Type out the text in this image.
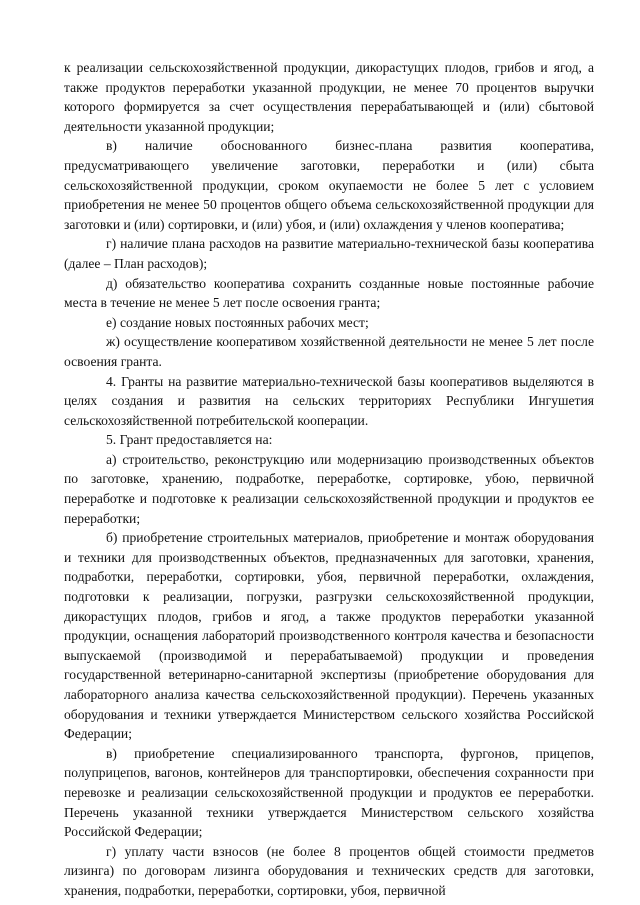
к реализации сельскохозяйственной продукции, дикорастущих плодов, грибов и ягод, а также продуктов переработки указанной продукции, не менее 70 процентов выручки которого формируется за счет осуществления перерабатывающей и (или) сбытовой деятельности указанной продукции;

в) наличие обоснованного бизнес-плана развития кооператива, предусматривающего увеличение заготовки, переработки и (или) сбыта сельскохозяйственной продукции, сроком окупаемости не более 5 лет с условием приобретения не менее 50 процентов общего объема сельскохозяйственной продукции для заготовки и (или) сортировки, и (или) убоя, и (или) охлаждения у членов кооператива;

г) наличие плана расходов на развитие материально-технической базы кооператива (далее – План расходов);

д) обязательство кооператива сохранить созданные новые постоянные рабочие места в течение не менее 5 лет после освоения гранта;

е) создание новых постоянных рабочих мест;

ж) осуществление кооперативом хозяйственной деятельности не менее 5 лет после освоения гранта.

4. Гранты на развитие материально-технической базы кооперативов выделяются в целях создания и развития на сельских территориях Республики Ингушетия сельскохозяйственной потребительской кооперации.

5. Грант предоставляется на:

а) строительство, реконструкцию или модернизацию производственных объектов по заготовке, хранению, подработке, переработке, сортировке, убою, первичной переработке и подготовке к реализации сельскохозяйственной продукции и продуктов ее переработки;

б) приобретение строительных материалов, приобретение и монтаж оборудования и техники для производственных объектов, предназначенных для заготовки, хранения, подработки, переработки, сортировки, убоя, первичной переработки, охлаждения, подготовки к реализации, погрузки, разгрузки сельскохозяйственной продукции, дикорастущих плодов, грибов и ягод, а также продуктов переработки указанной продукции, оснащения лабораторий производственного контроля качества и безопасности выпускаемой (производимой и перерабатываемой) продукции и проведения государственной ветеринарно-санитарной экспертизы (приобретение оборудования для лабораторного анализа качества сельскохозяйственной продукции). Перечень указанных оборудования и техники утверждается Министерством сельского хозяйства Российской Федерации;

в) приобретение специализированного транспорта, фургонов, прицепов, полуприцепов, вагонов, контейнеров для транспортировки, обеспечения сохранности при перевозке и реализации сельскохозяйственной продукции и продуктов ее переработки. Перечень указанной техники утверждается Министерством сельского хозяйства Российской Федерации;

г) уплату части взносов (не более 8 процентов общей стоимости предметов лизинга) по договорам лизинга оборудования и технических средств для заготовки, хранения, подработки, переработки, сортировки, убоя, первичной
